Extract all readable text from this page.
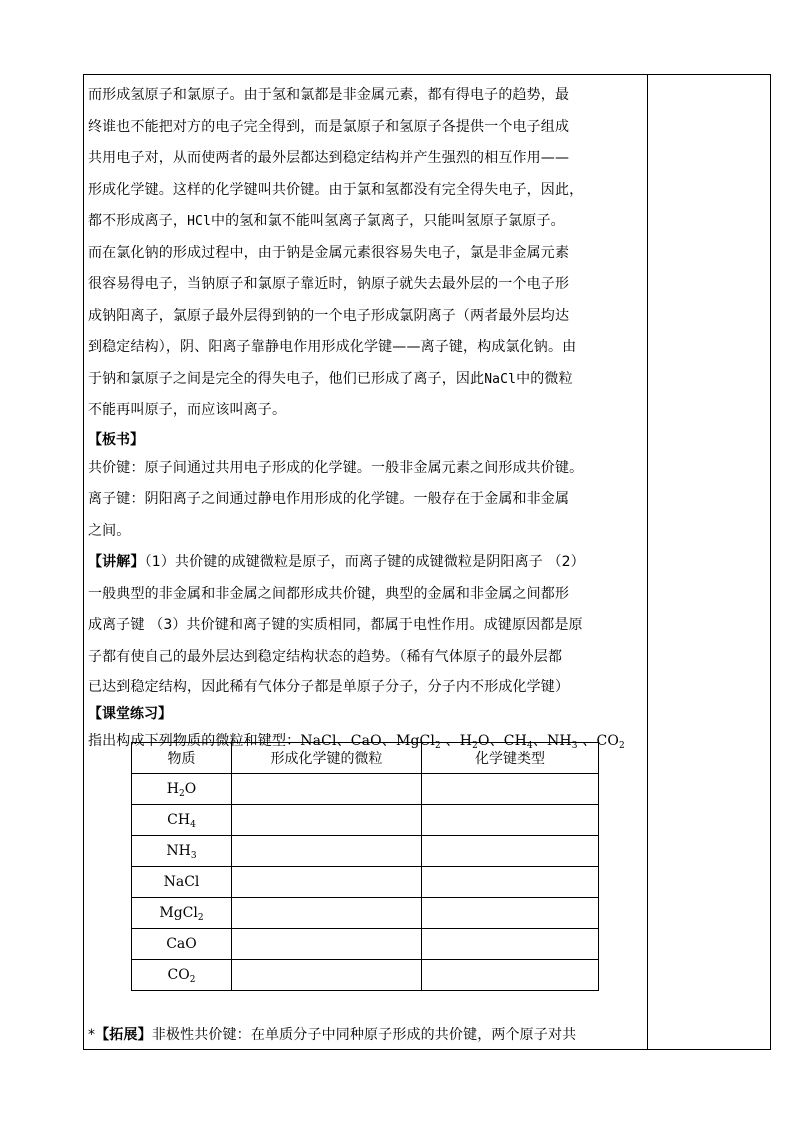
而形成氢原子和氯原子。由于氢和氯都是非金属元素，都有得电子的趋势，最

终谁也不能把对方的电子完全得到，而是氯原子和氢原子各提供一个电子组成

共用电子对，从而使两者的最外层都达到稳定结构并产生强烈的相互作用——

形成化学键。这样的化学键叫共价键。由于氯和氢都没有完全得失电子，因此，

都不形成离子，HCl中的氢和氯不能叫氢离子氯离子，只能叫氢原子氯原子。

而在氯化钠的形成过程中，由于钠是金属元素很容易失电子，氯是非金属元素

很容易得电子，当钠原子和氯原子靠近时，钠原子就失去最外层的一个电子形

成钠阳离子，氯原子最外层得到钠的一个电子形成氯阴离子（两者最外层均达

到稳定结构），阴、阳离子靠静电作用形成化学键——离子键，构成氯化钠。由

于钠和氯原子之间是完全的得失电子，他们已形成了离子，因此NaCl中的微粒

不能再叫原子，而应该叫离子。

【板书】

共价键：原子间通过共用电子形成的化学键。一般非金属元素之间形成共价键。

离子键：阴阳离子之间通过静电作用形成的化学键。一般存在于金属和非金属

之间。

【讲解】（1）共价键的成键微粒是原子，而离子键的成键微粒是阴阳离子 （2）

一般典型的非金属和非金属之间都形成共价键，典型的金属和非金属之间都形

成离子键 （3）共价键和离子键的实质相同，都属于电性作用。成键原因都是原

子都有使自己的最外层达到稳定结构状态的趋势。（稀有气体原子的最外层都

已达到稳定结构，因此稀有气体分子都是单原子分子，分子内不形成化学键）

【课堂练习】

指出构成下列物质的微粒和键型：NaCl、CaO、MgCl$_2$ 、$H_2O$、$CH_4$、$NH_3$ 、$CO_2$

物质	形成化学键的微粒	化学键类型
$H_2O$		
$CH_4$		
$NH_3$		
NaCl		
MgCl$_2$		
CaO		
$CO_2$		

*【拓展】非极性共价键：在单质分子中同种原子形成的共价键，两个原子对共
